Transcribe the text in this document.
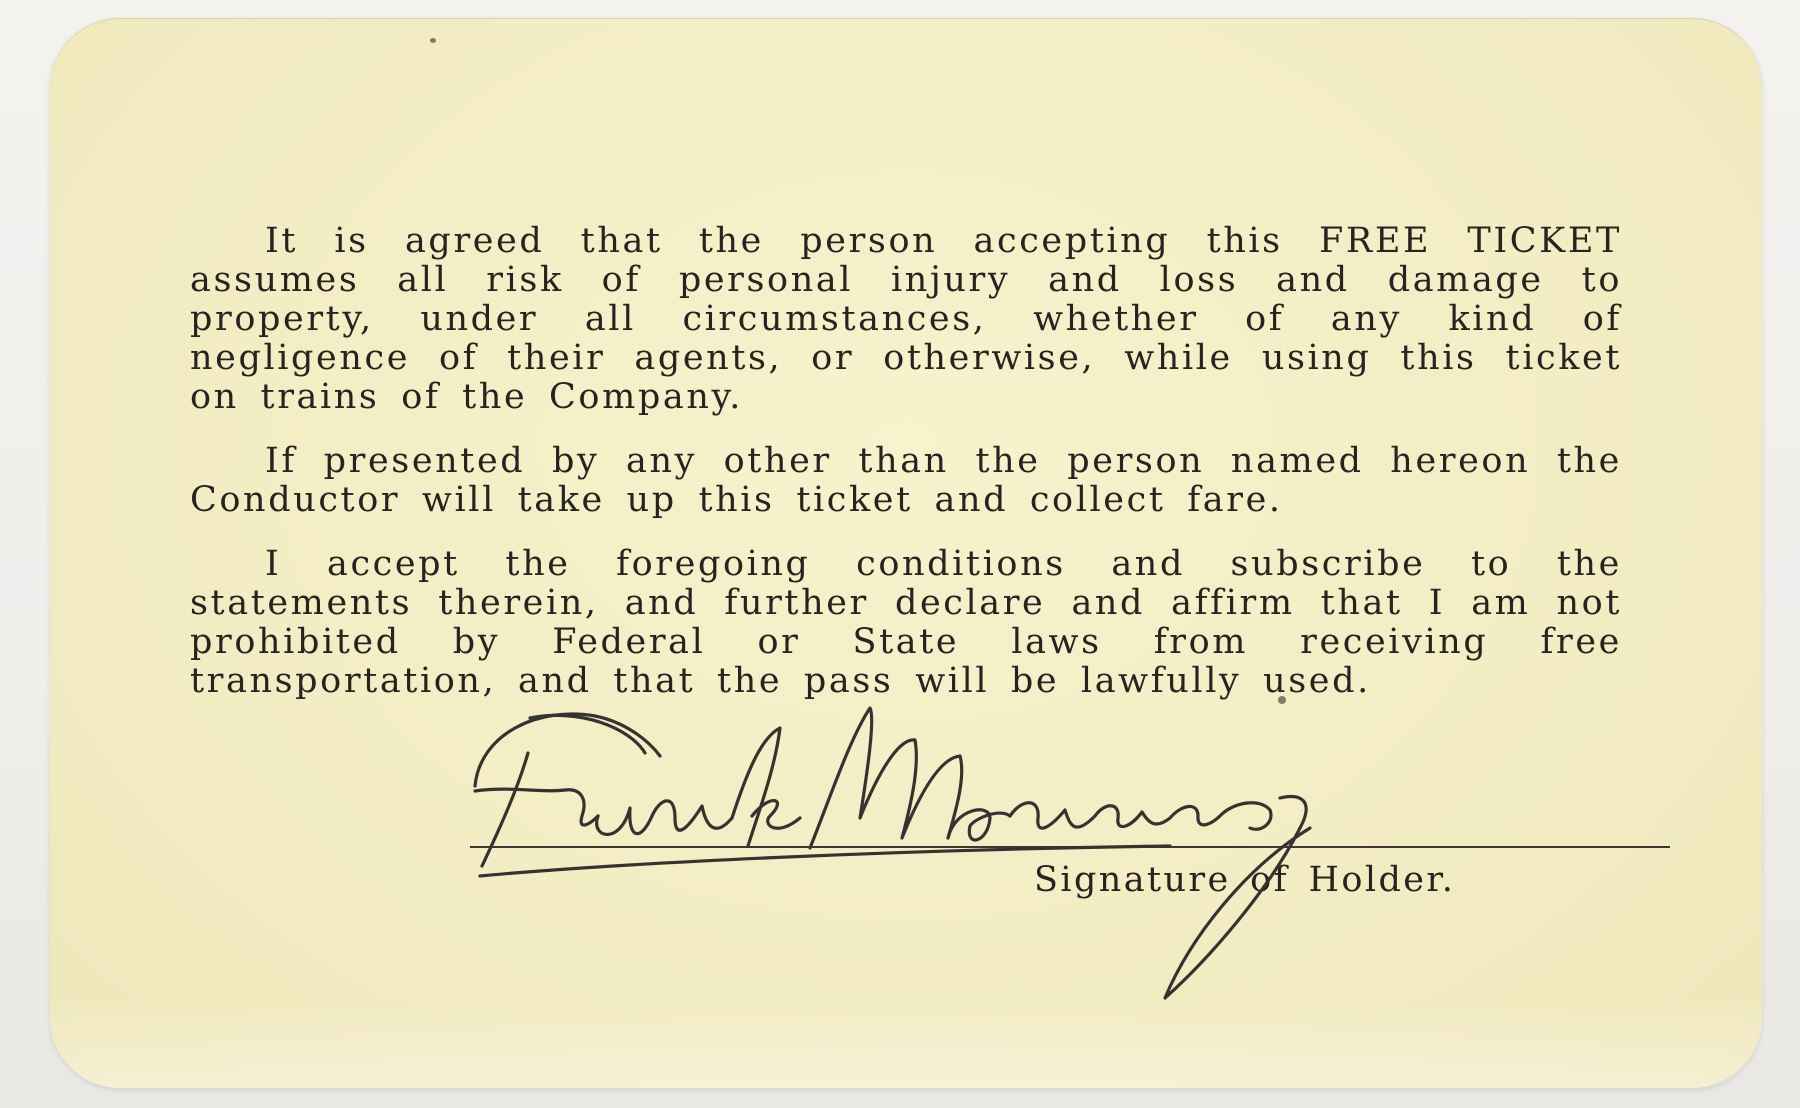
It is agreed that the person accepting this FREE TICKET assumes all risk of personal injury and loss and damage to property, under all circumstances, whether of any kind of negligence of their agents, or otherwise, while using this ticket on trains of the Company.

If presented by any other than the person named hereon the Conductor will take up this ticket and collect fare.

I accept the foregoing conditions and subscribe to the statements therein, and further declare and affirm that I am not prohibited by Federal or State laws from receiving free transportation, and that the pass will be lawfully used.

Signature of Holder.
